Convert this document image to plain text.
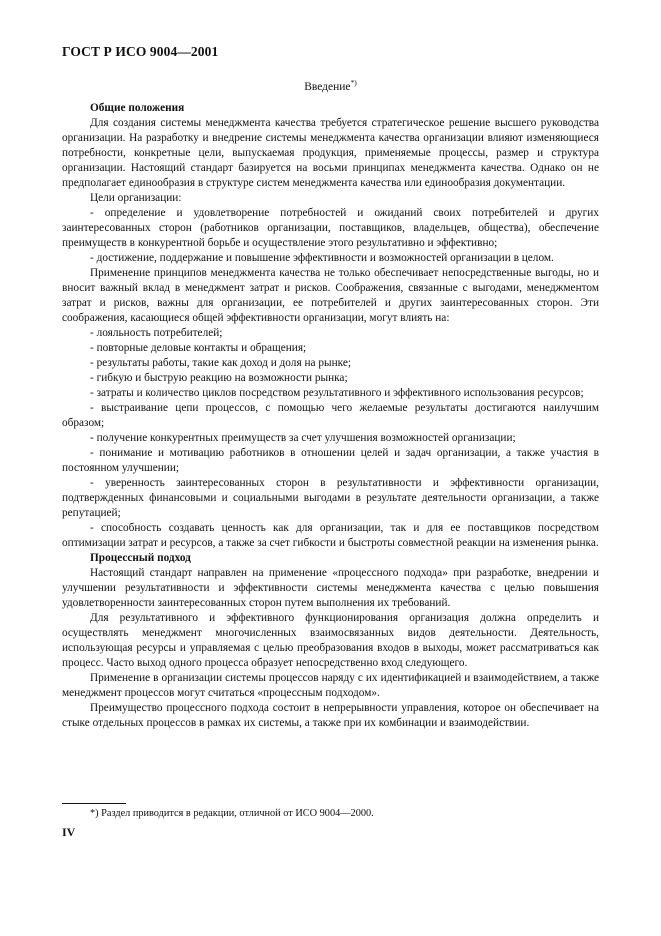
ГОСТ Р ИСО 9004—2001
Введение*)

Общие положения

Для создания системы менеджмента качества требуется стратегическое решение высшего руководства организации. На разработку и внедрение системы менеджмента качества организации влияют изменяющиеся потребности, конкретные цели, выпускаемая продукция, применяемые процессы, размер и структура организации. Настоящий стандарт базируется на восьми принципах менеджмента качества. Однако он не предполагает единообразия в структуре систем менеджмента качества или единообразия документации.

Цели организации:

- определение и удовлетворение потребностей и ожиданий своих потребителей и других заинтересованных сторон (работников организации, поставщиков, владельцев, общества), обеспечение преимуществ в конкурентной борьбе и осуществление этого результативно и эффективно;

- достижение, поддержание и повышение эффективности и возможностей организации в целом.

Применение принципов менеджмента качества не только обеспечивает непосредственные выгоды, но и вносит важный вклад в менеджмент затрат и рисков. Соображения, связанные с выгодами, менеджментом затрат и рисков, важны для организации, ее потребителей и других заинтересованных сторон. Эти соображения, касающиеся общей эффективности организации, могут влиять на:

- лояльность потребителей;

- повторные деловые контакты и обращения;

- результаты работы, такие как доход и доля на рынке;

- гибкую и быструю реакцию на возможности рынка;

- затраты и количество циклов посредством результативного и эффективного использования ресурсов;

- выстраивание цепи процессов, с помощью чего желаемые результаты достигаются наилучшим образом;

- получение конкурентных преимуществ за счет улучшения возможностей организации;

- понимание и мотивацию работников в отношении целей и задач организации, а также участия в постоянном улучшении;

- уверенность заинтересованных сторон в результативности и эффективности организации, подтвержденных финансовыми и социальными выгодами в результате деятельности организации, а также репутацией;

- способность создавать ценность как для организации, так и для ее поставщиков посредством оптимизации затрат и ресурсов, а также за счет гибкости и быстроты совместной реакции на изменения рынка.

Процессный подход

Настоящий стандарт направлен на применение «процессного подхода» при разработке, внедрении и улучшении результативности и эффективности системы менеджмента качества с целью повышения удовлетворенности заинтересованных сторон путем выполнения их требований.

Для результативного и эффективного функционирования организация должна определить и осуществлять менеджмент многочисленных взаимосвязанных видов деятельности. Деятельность, использующая ресурсы и управляемая с целью преобразования входов в выходы, может рассматриваться как процесс. Часто выход одного процесса образует непосредственно вход следующего.

Применение в организации системы процессов наряду с их идентификацией и взаимодействием, а также менеджмент процессов могут считаться «процессным подходом».

Преимущество процессного подхода состоит в непрерывности управления, которое он обеспечивает на стыке отдельных процессов в рамках их системы, а также при их комбинации и взаимодействии.

*) Раздел приводится в редакции, отличной от ИСО 9004—2000.
IV
